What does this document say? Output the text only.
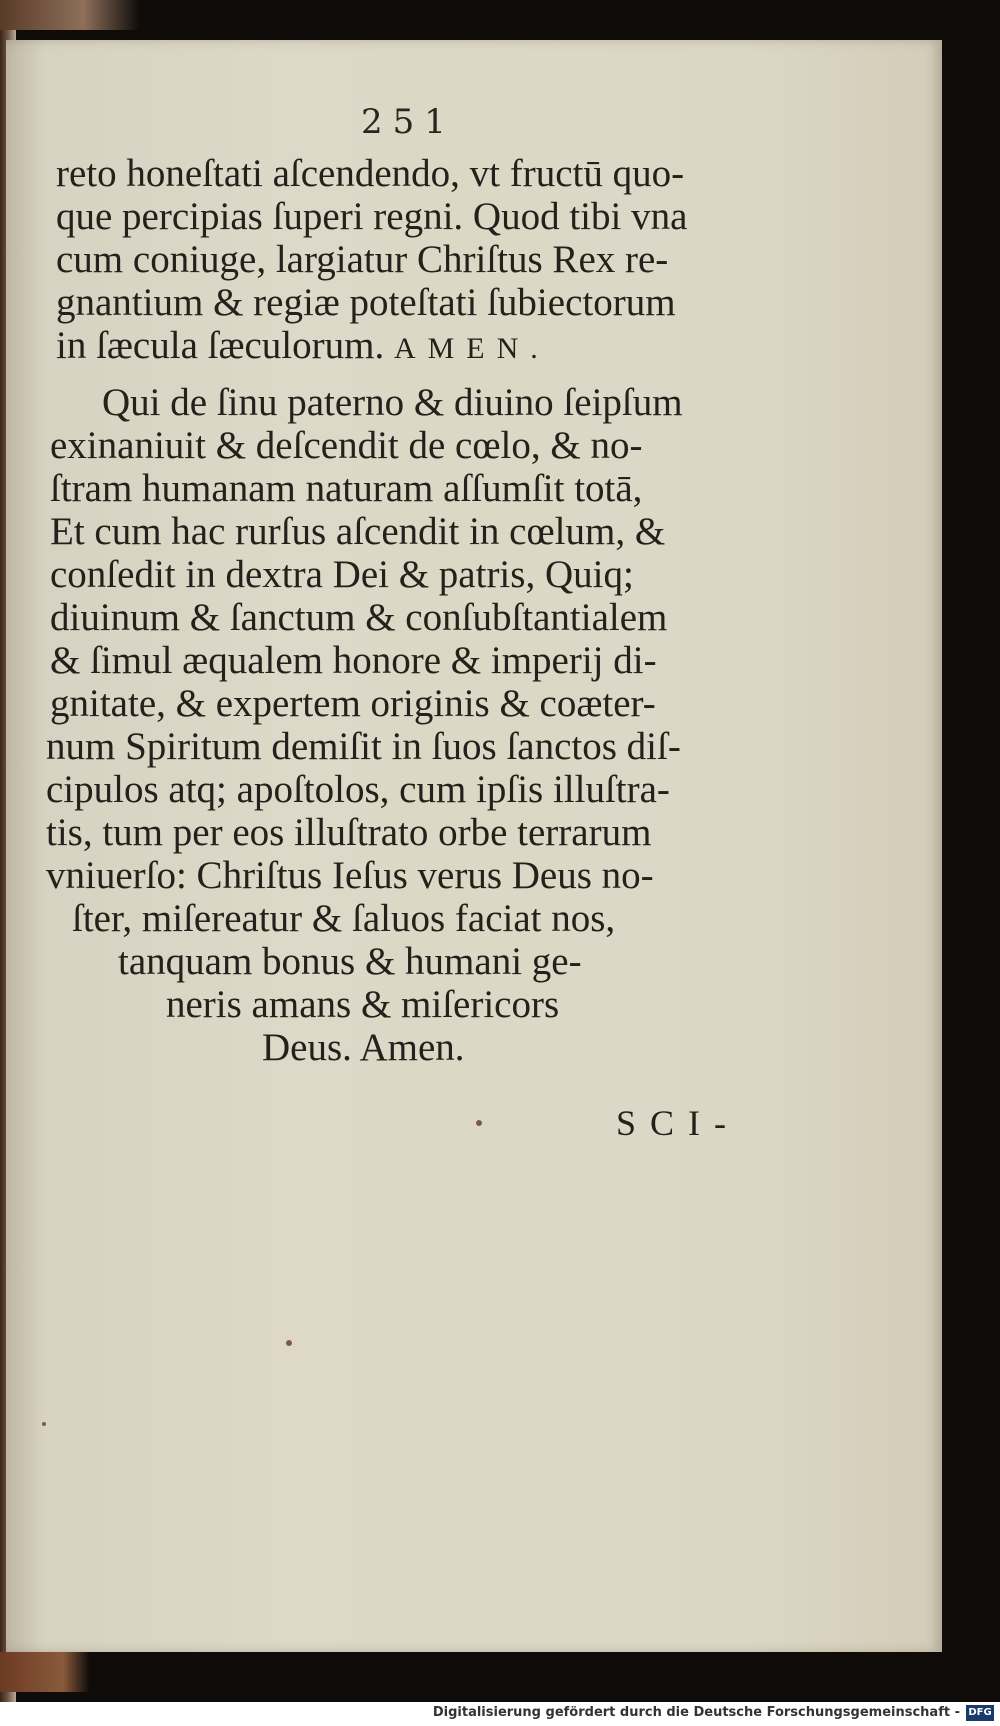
251
reto honeſtati aſcendendo, vt fructū quo-
que percipias ſuperi regni. Quod tibi vna
cum coniuge, largiatur Chriſtus Rex re-
gnantium & regiæ poteſtati ſubiectorum
in ſæcula ſæculorum. AMEN.
Qui de ſinu paterno & diuino ſeipſum
exinaniuit & deſcendit de cœlo, & no-
ſtram humanam naturam aſſumſit totā,
Et cum hac rurſus aſcendit in cœlum, &
conſedit in dextra Dei & patris, Quiq;
diuinum & ſanctum & conſubſtantialem
& ſimul æqualem honore & imperij di-
gnitate, & expertem originis & coæter-
num Spiritum demiſit in ſuos ſanctos diſ-
cipulos atq; apoſtolos, cum ipſis illuſtra-
tis, tum per eos illuſtrato orbe terrarum
vniuerſo: Chriſtus Ieſus verus Deus no-
ſter, miſereatur & ſaluos faciat nos,
tanquam bonus & humani ge-
neris amans & miſericors
Deus. Amen.
SCI-
Digitalisierung gefördert durch die Deutsche Forschungsgemeinschaft - DFG
